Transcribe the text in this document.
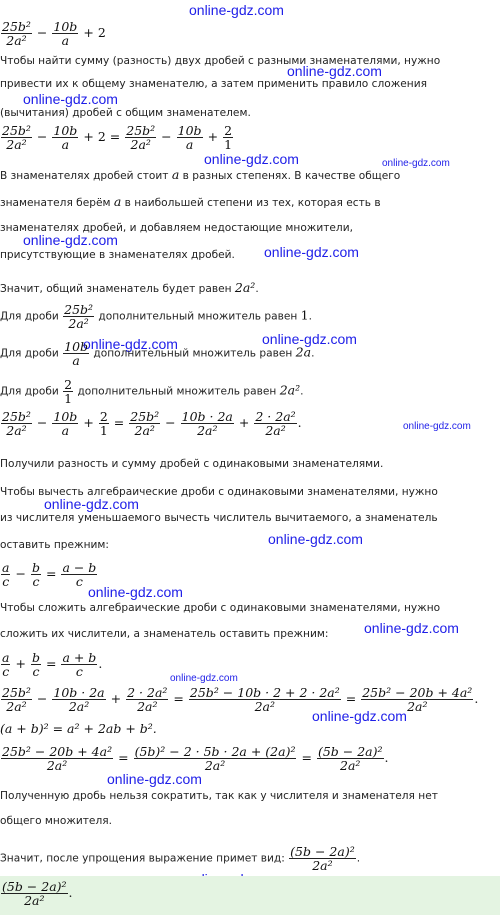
online-gdz.com
online-gdz.com
online-gdz.com
online-gdz.com	online-gdz.com
online-gdz.com
online-gdz.com
online-gdz.com
online-gdz.com
online-gdz.com
online-gdz.com
online-gdz.com
online-gdz.com
online-gdz.com
online-gdz.com
online-gdz.com
online-gdz.com
$\frac{\text{25b²}}{\text{2a²}} - \frac{10b}{a} + 2$
Чтобы найти сумму (разность) двух дробей с разными знаменателями, нужно
привести их к общему знаменателю, а затем применить правило сложения
(вычитания) дробей с общим знаменателем.
$\frac{\text{25b²}}{\text{2a²}} - \frac{10b}{a} + 2 = \frac{\text{25b²}}{\text{2a²}} - \frac{10b}{a} + \frac{2}{1}$
В знаменателях дробей стоит a в разных степенях. В качестве общего
знаменателя берём a в наибольшей степени из тех, которая есть в
знаменателях дробей, и добавляем недостающие множители,
присутствующие в знаменателях дробей.
Значит, общий знаменатель будет равен 2a².
Для дроби $\frac{\text{25b²}}{\text{2a²}}$ дополнительный множитель равен 1.
Для дроби $\frac{10b}{a}$ дополнительный множитель равен 2a.
Для дроби $\frac{2}{1}$ дополнительный множитель равен 2a².
$\frac{\text{25b²}}{\text{2a²}} - \frac{10b}{a} + \frac{2}{1} = \frac{\text{25b²}}{\text{2a²}} - \frac{10b \cdot 2a}{\text{2a²}} + \frac{\text{2 · 2a²}}{\text{2a²}}$ .
Получили разность и сумму дробей с одинаковыми знаменателями.
Чтобы вычесть алгебраические дроби с одинаковыми знаменателями, нужно
из числителя уменьшаемого вычесть числитель вычитаемого, а знаменатель
оставить прежним:
$\frac{a}{c} - \frac{b}{c} = \frac{a - b}{c}$
Чтобы сложить алгебраические дроби с одинаковыми знаменателями, нужно
сложить их числители, а знаменатель оставить прежним:
$\frac{a}{c} + \frac{b}{c} = \frac{a + b}{c}$ .
$\frac{\text{25b²}}{\text{2a²}} - \frac{10b \cdot 2a}{\text{2a²}} + \frac{\text{2 · 2a²}}{\text{2a²}} = \frac{\text{25b² − 10b · 2 + 2 · 2a²}}{\text{2a²}} = \frac{\text{25b² − 20b + 4a²}}{\text{2a²}}$ .
(a + b)² = a² + 2ab + b².
$\frac{\text{25b² − 20b + 4a²}}{\text{2a²}} = \frac{\text{(5b)² − 2 · 5b · 2a + (2a)²}}{\text{2a²}} = \frac{\text{(5b − 2a)²}}{\text{2a²}}$ .
Полученную дробь нельзя сократить, так как у числителя и знаменателя нет
общего множителя.
Значит, после упрощения выражение примет вид: $\frac{\text{(5b − 2a)²}}{\text{2a²}}$ .
$\frac{\text{(5b − 2a)²}}{\text{2a²}}$ .
